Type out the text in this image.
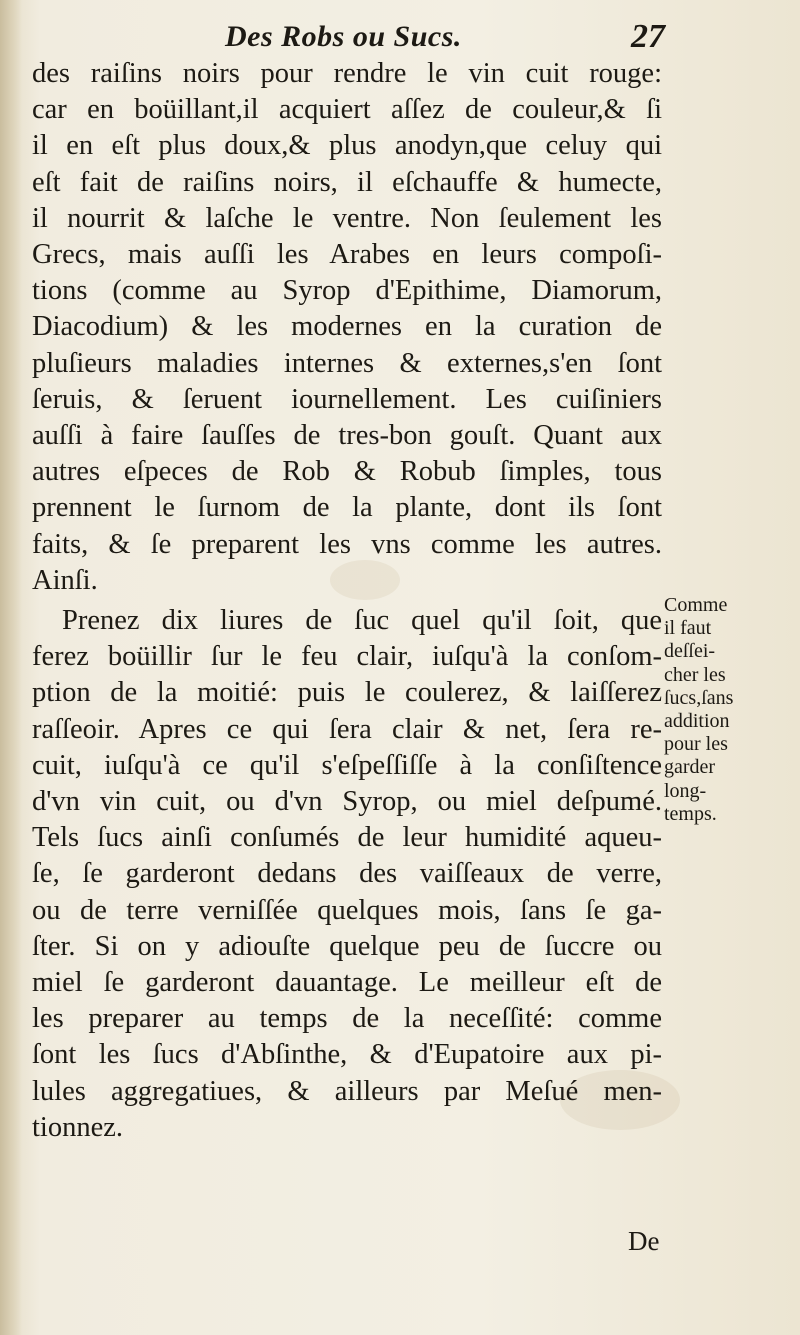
Des Robs ou Sucs.	27
des raiſins noirs pour rendre le vin cuit rouge:
car en boüillant,il acquiert aſſez de couleur,& ſi
il en eſt plus doux,& plus anodyn,que celuy qui
eſt fait de raiſins noirs, il eſchauffe & humecte,
il nourrit & laſche le ventre. Non ſeulement les
Grecs, mais auſſi les Arabes en leurs compoſi-
tions (comme au Syrop d'Epithime, Diamorum,
Diacodium) & les modernes en la curation de
pluſieurs maladies internes & externes,s'en ſont
ſeruis, & ſeruent iournellement. Les cuiſiniers
auſſi à faire ſauſſes de tres-bon gouſt. Quant aux
autres eſpeces de Rob & Robub ſimples, tous
prennent le ſurnom de la plante, dont ils ſont
faits, & ſe preparent les vns comme les autres.
Ainſi.
Prenez dix liures de ſuc quel qu'il ſoit, que
ferez boüillir ſur le feu clair, iuſqu'à la conſom-
ption de la moitié: puis le coulerez, & laiſſerez
raſſeoir. Apres ce qui ſera clair & net, ſera re-
cuit, iuſqu'à ce qu'il s'eſpeſſiſſe à la conſiſtence
d'vn vin cuit, ou d'vn Syrop, ou miel deſpumé.
Tels ſucs ainſi conſumés de leur humidité aqueu-
ſe, ſe garderont dedans des vaiſſeaux de verre,
ou de terre verniſſée quelques mois, ſans ſe ga-
ſter. Si on y adiouſte quelque peu de ſuccre ou
miel ſe garderont dauantage. Le meilleur eſt de
les preparer au temps de la neceſſité: comme
ſont les ſucs d'Abſinthe, & d'Eupatoire aux pi-
lules aggregatiues, & ailleurs par Meſué men-
tionnez.
Comme
il faut
deſſei-
cher les
ſucs,ſans
addition
pour les
garder
long-
temps.
De
